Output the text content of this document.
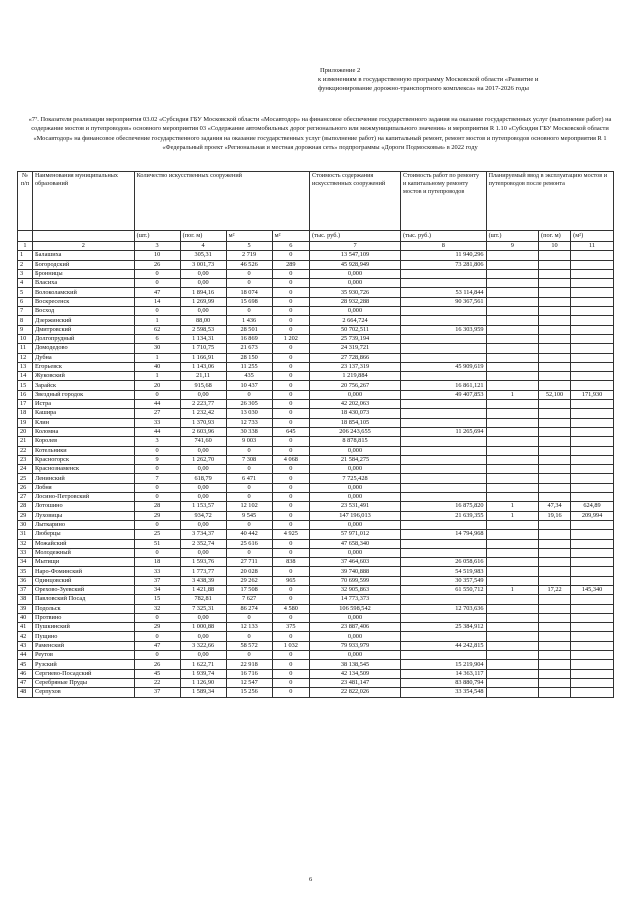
Приложение 2
к изменениям в государственную программу Московской области «Развитие и
функционирование дорожно-транспортного комплекса» на 2017-2026 годы
«7⁷. Показатели реализации мероприятия 03.02 «Субсидия ГБУ Московской области «Мосавтодор» на финансовое обеспечение государственного задания на оказание государственных услуг (выполнение работ) на содержание мостов и путепроводов» основного мероприятия 03 «Содержание автомобильных дорог регионального или межмуниципального значения» и мероприятия R 1.10 «Субсидия ГБУ Московской области «Мосавтодор» на финансовое обеспечение государственного задания на оказание государственных услуг (выполнение работ) на капитальный ремонт, ремонт мостов и путепроводов основного мероприятия R 1 «Федеральный проект «Региональная и местная дорожная сеть» подпрограммы «Дороги Подмосковья» в 2022 году
№ п/п	Наименования муниципальных образований	Количество искусственных сооружений				Стоимость содержания искусственных сооружений	Стоимость работ по ремонту и капитальному ремонту мостов и путепроводов	Планируемый ввод в эксплуатацию мостов и путепроводов после ремонта		
		(шт.)	(пог. м)	м²	м²	(тыс. руб.)	(тыс. руб.)	(шт.)	(пог. м)	(м²)
1	2	3	4	5	6	7	8	9	10	11
1	Балашиха	10	305,31	2 719	0	13 547,109	11 940,296			
2	Богородский	26	3 001,73	46 526	289	45 928,949	73 281,806			
3	Бронницы	0	0,00	0	0	0,000				
4	Власиха	0	0,00	0	0	0,000				
5	Волоколамский	47	1 894,16	18 074	0	35 930,726	53 114,844			
6	Воскресенск	14	1 269,99	15 698	0	28 932,288	90 367,561			
7	Восход	0	0,00	0	0	0,000				
8	Дзержинский	1	88,00	1 436	0	2 664,724				
9	Дмитровский	62	2 598,53	28 501	0	50 702,511	16 303,959			
10	Долгопрудный	6	1 134,31	16 869	1 202	25 739,194				
11	Домодедово	30	1 710,75	21 673	0	24 319,721				
12	Дубна	1	1 166,91	28 150	0	27 728,866				
13	Егорьевск	40	1 143,06	11 255	0	23 137,319	45 909,619			
14	Жуковский	1	21,11	435	0	1 219,884				
15	Зарайск	20	915,68	10 437	0	20 756,267	16 861,121			
16	Звездный городок	0	0,00	0	0	0,000	49 407,853	1	52,100	171,930
17	Истра	44	2 223,77	26 305	0	42 202,063				
18	Кашира	27	1 232,42	13 030	0	18 430,073				
19	Клин	33	1 370,93	12 733	0	18 854,105				
20	Коломна	44	2 603,96	30 338	645	206 243,655	11 265,694			
21	Королев	3	741,60	9 003	0	8 878,815				
22	Котельники	0	0,00	0	0	0,000				
23	Красногорск	9	1 262,70	7 308	4 068	21 584,275				
24	Краснознаменск	0	0,00	0	0	0,000				
25	Ленинский	7	618,79	6 471	0	7 725,428				
26	Лобня	0	0,00	0	0	0,000				
27	Лосино-Петровский	0	0,00	0	0	0,000				
28	Лотошино	28	1 153,57	12 102	0	23 531,491	16 875,820	1	47,34	624,89
29	Луховицы	29	934,72	9 545	0	147 196,013	21 639,355	1	19,16	209,994
30	Лыткарино	0	0,00	0	0	0,000				
31	Люберцы	25	3 734,37	40 442	4 925	57 971,012	14 794,968			
32	Можайский	51	2 352,74	25 616	0	47 658,340				
33	Молодежный	0	0,00	0	0	0,000				
34	Мытищи	18	1 593,76	27 711	838	37 464,603	26 058,616			
35	Наро-Фоминский	33	1 773,77	20 028	0	39 740,888	54 519,983			
36	Одинцовский	37	3 438,39	29 262	965	70 699,599	30 357,549			
37	Орехово-Зуевский	34	1 421,88	17 508	0	32 905,863	61 550,712	1	17,22	145,340
38	Павловский Посад	15	782,81	7 627	0	14 773,373				
39	Подольск	32	7 325,31	86 274	4 580	106 598,542	12 703,636			
40	Протвино	0	0,00	0	0	0,000				
41	Пушкинский	29	1 000,88	12 133	375	23 887,406	25 384,912			
42	Пущино	0	0,00	0	0	0,000				
43	Раменский	47	3 322,66	58 572	1 032	79 933,979	44 242,815			
44	Реутов	0	0,00	0	0	0,000				
45	Рузский	26	1 622,71	22 918	0	38 138,545	15 219,904			
46	Сергиево-Посадский	45	1 939,74	16 716	0	42 134,509	14 363,117			
47	Серебряные Пруды	22	1 126,90	12 547	0	23 481,147	83 880,794			
48	Серпухов	37	1 589,34	15 256	0	22 822,026	33 354,548			
6
